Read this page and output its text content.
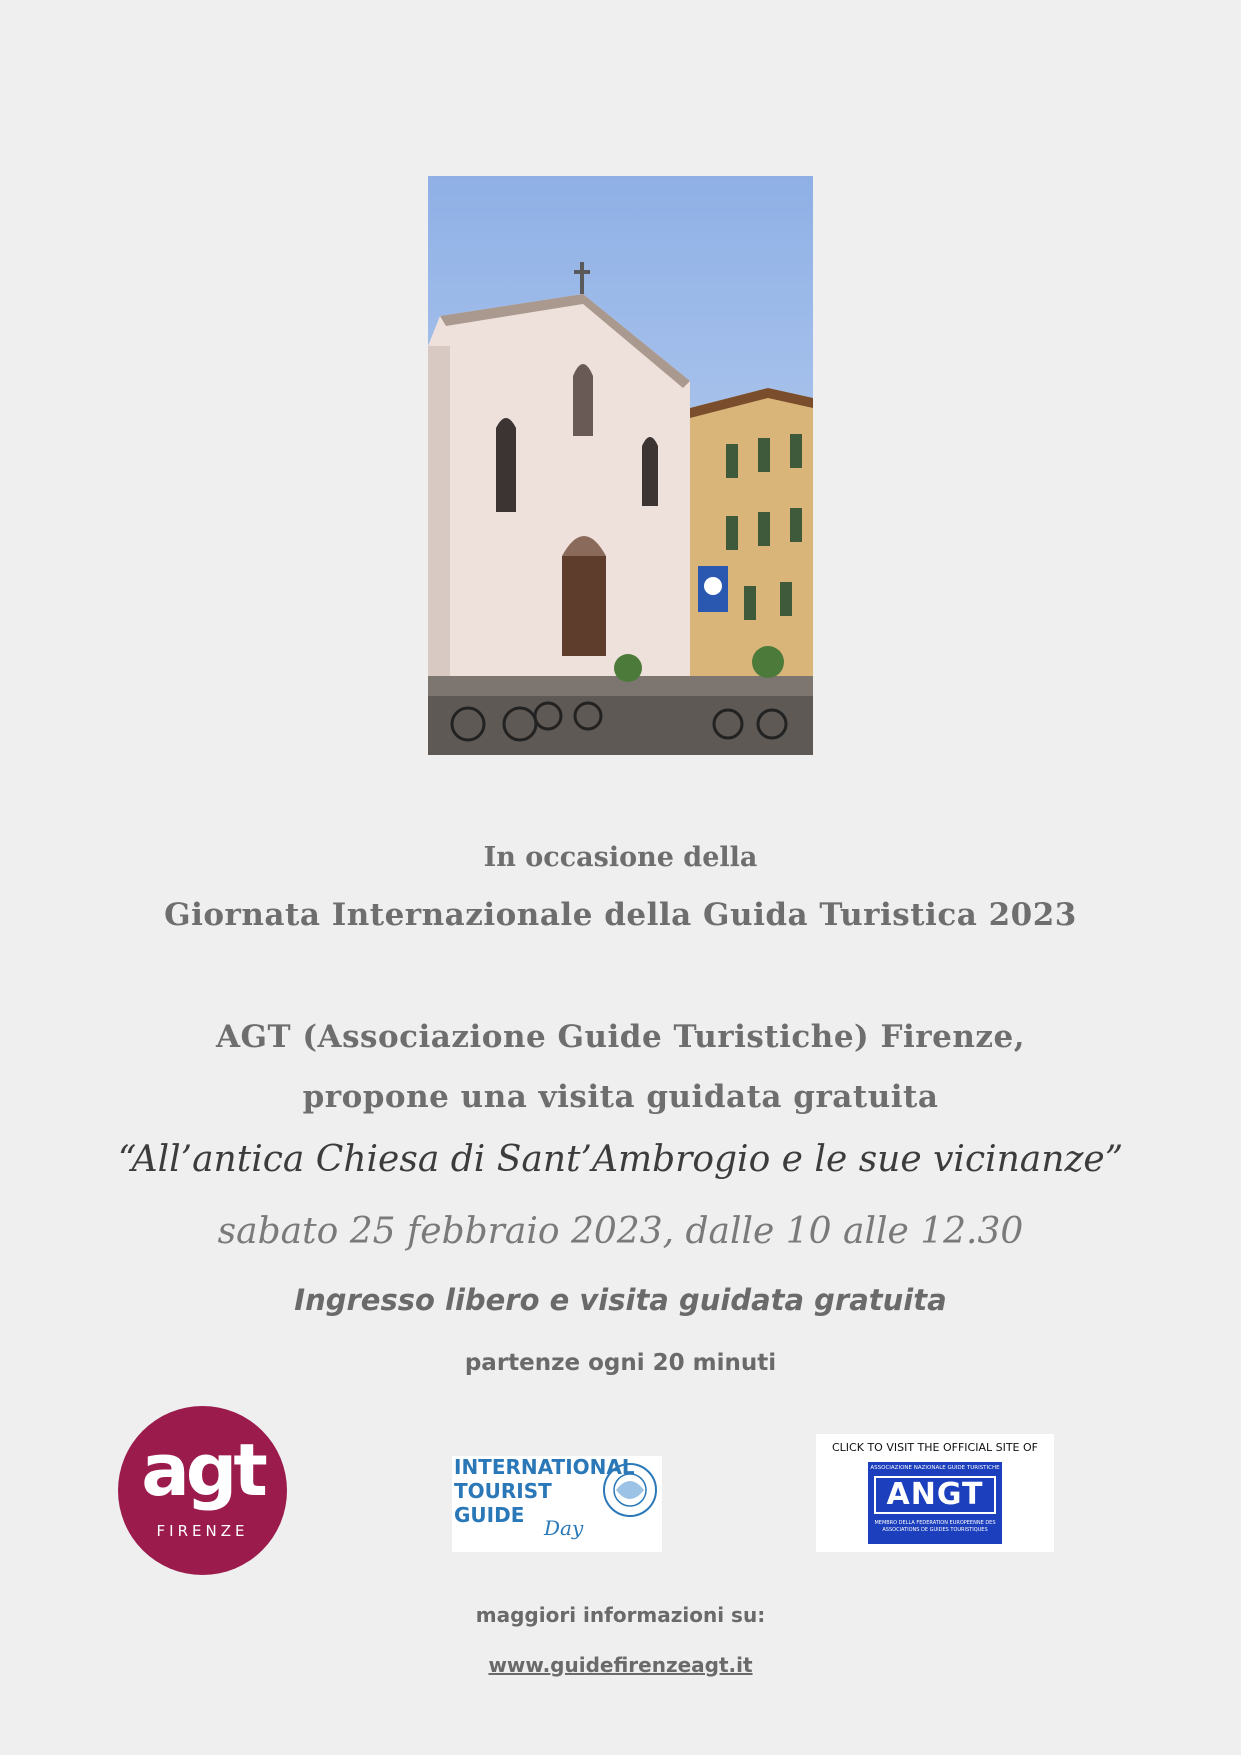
In occasione della
Giornata Internazionale della Guida Turistica 2023
AGT (Associazione Guide Turistiche) Firenze,
propone una visita guidata gratuita
“All’antica Chiesa di Sant’Ambrogio e le sue vicinanze”
sabato 25 febbraio 2023, dalle 10 alle 12.30
Ingresso libero e visita guidata gratuita
partenze ogni 20 minuti
agt
FIRENZE
INTERNATIONAL
TOURIST
GUIDE
Day
CLICK TO VISIT THE OFFICIAL SITE OF
ASSOCIAZIONE NAZIONALE GUIDE TURISTICHE
ANGT
MEMBRO DELLA FEDERATION EUROPEENNE DES ASSOCIATIONS DE GUIDES TOURISTIQUES
maggiori informazioni su:
www.guidefirenzeagt.it
